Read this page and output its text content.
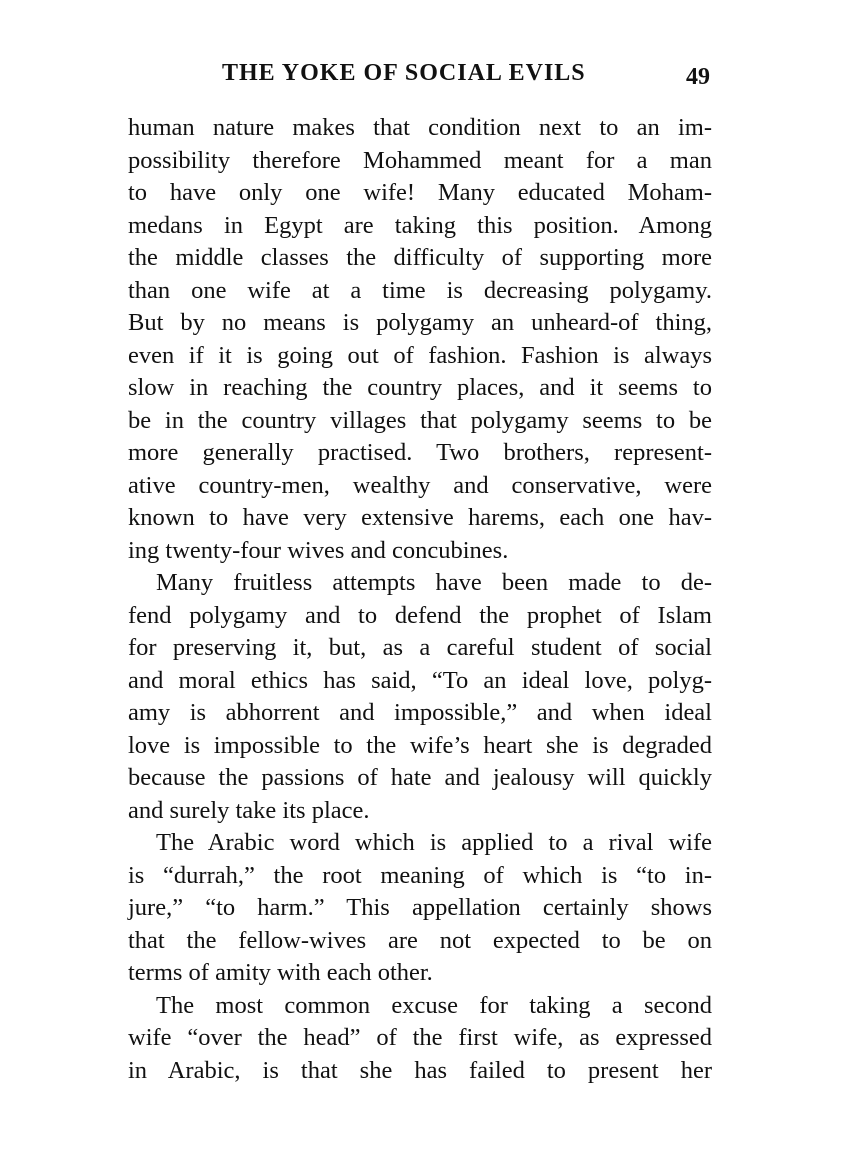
THE YOKE OF SOCIAL EVILS	49
human nature makes that condition next to an im-
possibility therefore Mohammed meant for a man
to have only one wife! Many educated Moham-
medans in Egypt are taking this position. Among
the middle classes the difficulty of supporting more
than one wife at a time is decreasing polygamy.
But by no means is polygamy an unheard-of thing,
even if it is going out of fashion. Fashion is always
slow in reaching the country places, and it seems to
be in the country villages that polygamy seems to be
more generally practised. Two brothers, represent-
ative country-men, wealthy and conservative, were
known to have very extensive harems, each one hav-
ing twenty-four wives and concubines.
Many fruitless attempts have been made to de-
fend polygamy and to defend the prophet of Islam
for preserving it, but, as a careful student of social
and moral ethics has said, “To an ideal love, polyg-
amy is abhorrent and impossible,” and when ideal
love is impossible to the wife’s heart she is degraded
because the passions of hate and jealousy will quickly
and surely take its place.
The Arabic word which is applied to a rival wife
is “durrah,” the root meaning of which is “to in-
jure,” “to harm.” This appellation certainly shows
that the fellow-wives are not expected to be on
terms of amity with each other.
The most common excuse for taking a second
wife “over the head” of the first wife, as expressed
in Arabic, is that she has failed to present her
